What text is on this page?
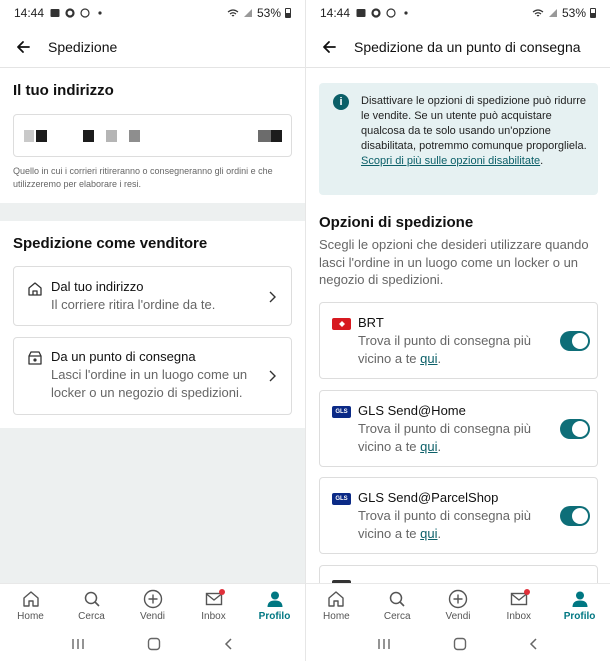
14:44	53%
Spedizione
Il tuo indirizzo
Quello in cui i corrieri ritireranno o consegneranno gli ordini e che utilizzeremo per elaborare i resi.
Spedizione come venditore
Dal tuo indirizzo
Il corriere ritira l'ordine da te.
Da un punto di consegna
Lasci l'ordine in un luogo come un locker o un negozio di spedizioni.
Home	Cerca	Vendi	Inbox	Profilo
14:44	53%
Spedizione da un punto di consegna
i	Disattivare le opzioni di spedizione può ridurre le vendite. Se un utente può acquistare qualcosa da te solo usando un'opzione disabilitata, potremmo comunque proporgliela. Scopri di più sulle opzioni disabilitate.
Opzioni di spedizione
Scegli le opzioni che desideri utilizzare quando lasci l'ordine in un luogo come un locker o un negozio di spedizioni.
BRT
Trova il punto di consegna più vicino a te qui.
GLS GLS Send@Home
Trova il punto di consegna più vicino a te qui.
GLS GLS Send@ParcelShop
Trova il punto di consegna più vicino a te qui.
Home	Cerca	Vendi	Inbox	Profilo
